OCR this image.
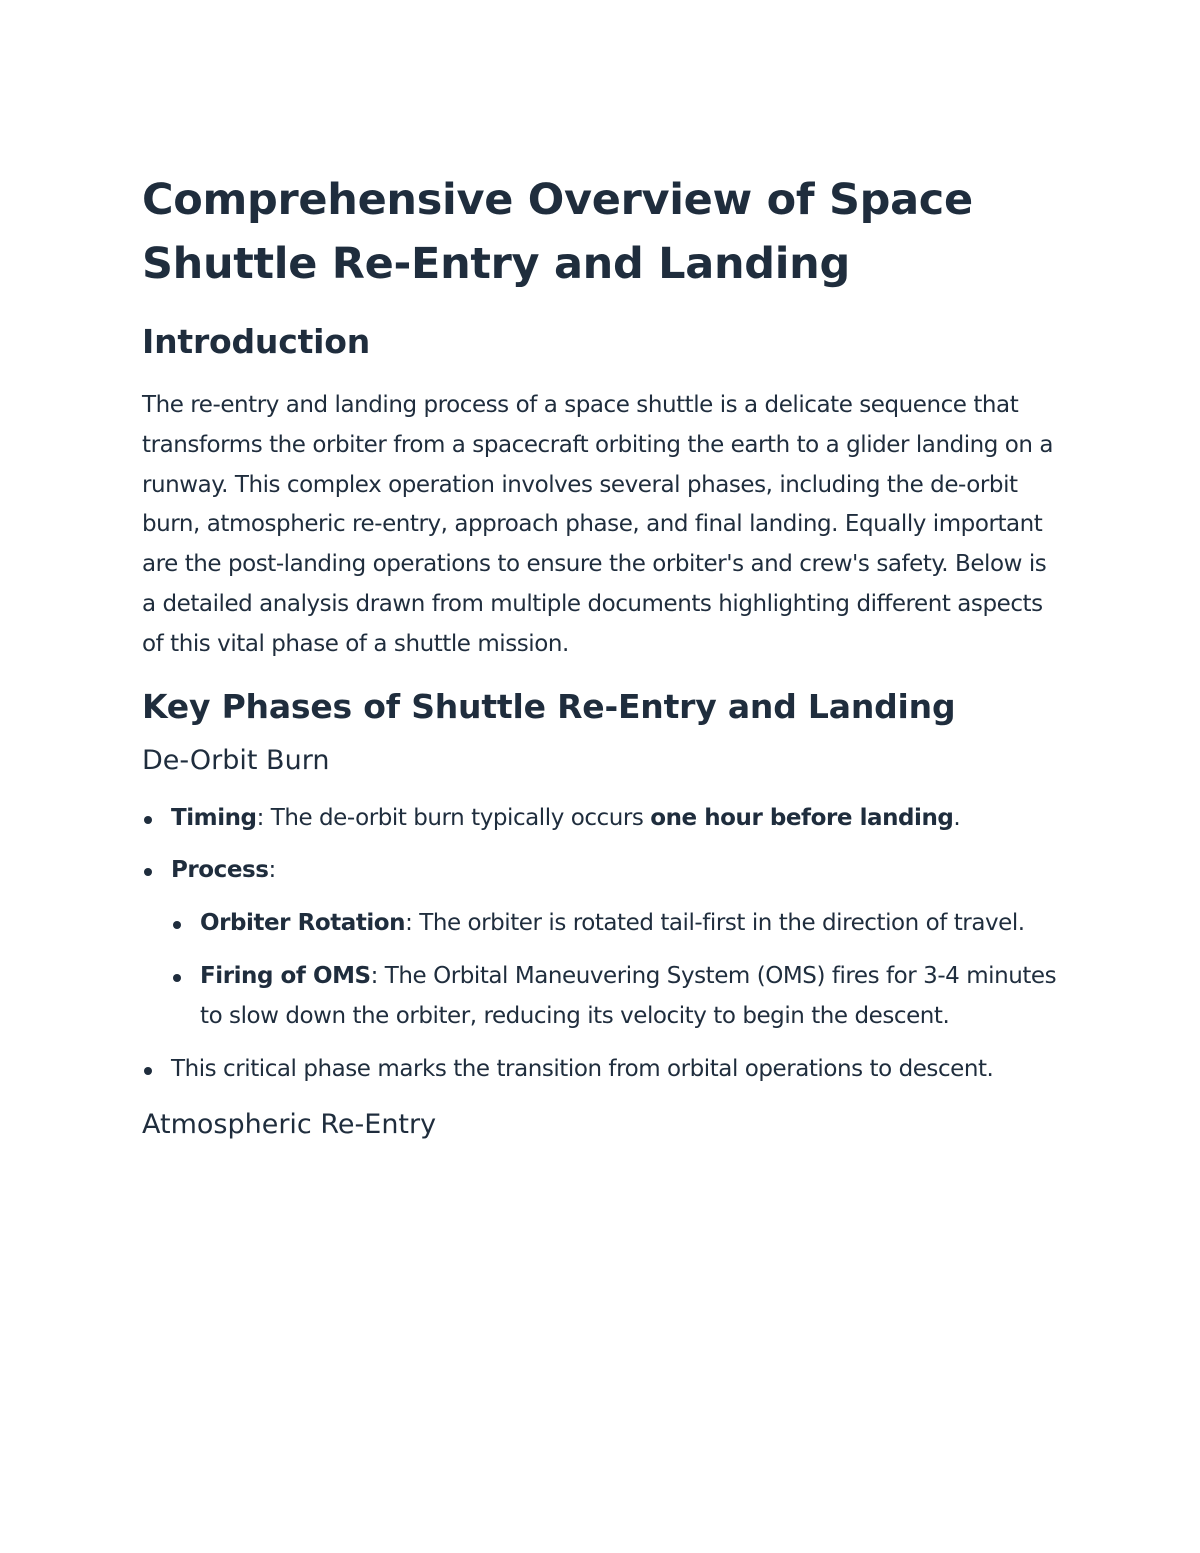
Comprehensive Overview of Space Shuttle Re-Entry and Landing
Introduction

The re-entry and landing process of a space shuttle is a delicate sequence that transforms the orbiter from a spacecraft orbiting the earth to a glider landing on a runway. This complex operation involves several phases, including the de-orbit burn, atmospheric re-entry, approach phase, and final landing. Equally important are the post-landing operations to ensure the orbiter's and crew's safety. Below is a detailed analysis drawn from multiple documents highlighting different aspects of this vital phase of a shuttle mission.

Key Phases of Shuttle Re-Entry and Landing
De-Orbit Burn
Timing: The de-orbit burn typically occurs one hour before landing.
Process:
Orbiter Rotation: The orbiter is rotated tail-first in the direction of travel.
Firing of OMS: The Orbital Maneuvering System (OMS) fires for 3-4 minutes to slow down the orbiter, reducing its velocity to begin the descent.
This critical phase marks the transition from orbital operations to descent.
Atmospheric Re-Entry
